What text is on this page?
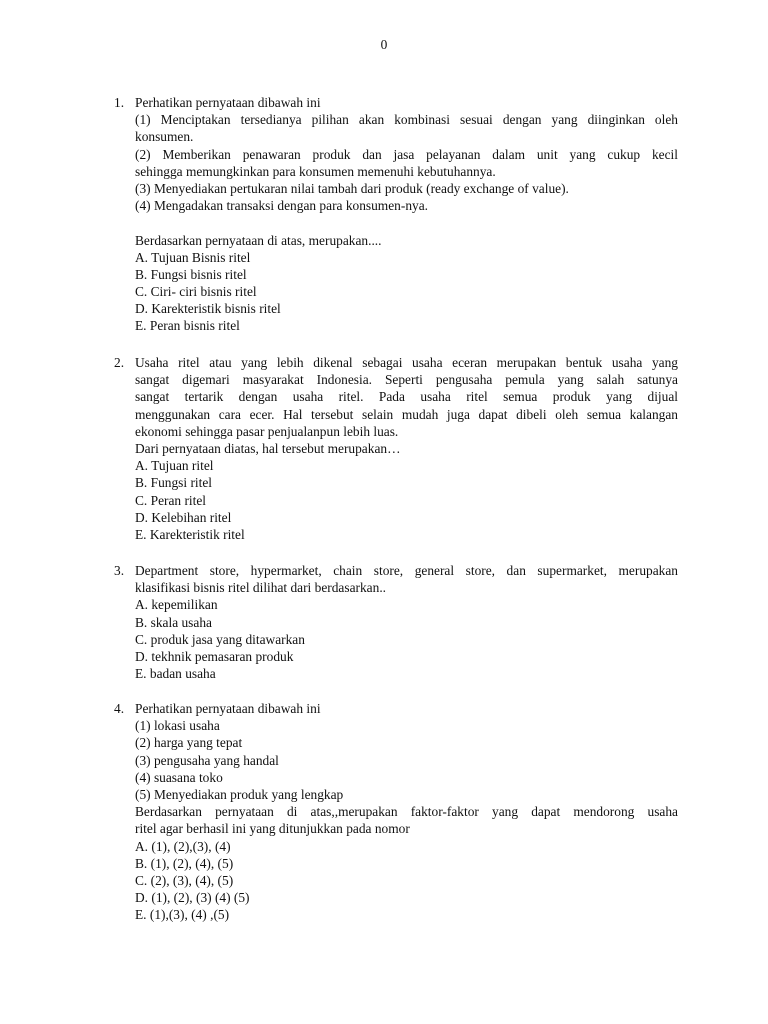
0
1. Perhatikan pernyataan dibawah ini
(1) Menciptakan tersedianya pilihan akan kombinasi sesuai dengan yang diinginkan oleh
konsumen.
(2) Memberikan penawaran produk dan jasa pelayanan dalam unit yang cukup kecil
sehingga memungkinkan para konsumen memenuhi kebutuhannya.
(3) Menyediakan pertukaran nilai tambah dari produk (ready exchange of value).
(4) Mengadakan transaksi dengan para konsumen-nya.
Berdasarkan pernyataan di atas, merupakan....
A. Tujuan Bisnis ritel
B. Fungsi bisnis ritel
C. Ciri- ciri bisnis ritel
D. Karekteristik bisnis ritel
E. Peran bisnis ritel
2. Usaha ritel atau yang lebih dikenal sebagai usaha eceran merupakan bentuk usaha yang
sangat digemari masyarakat Indonesia. Seperti pengusaha pemula yang salah satunya
sangat tertarik dengan usaha ritel. Pada usaha ritel semua produk yang dijual
menggunakan cara ecer. Hal tersebut selain mudah juga dapat dibeli oleh semua kalangan
ekonomi sehingga pasar penjualanpun lebih luas.
Dari pernyataan diatas, hal tersebut merupakan…
A. Tujuan ritel
B. Fungsi ritel
C. Peran ritel
D. Kelebihan ritel
E. Karekteristik ritel
3. Department store, hypermarket, chain store, general store, dan supermarket, merupakan
klasifikasi bisnis ritel dilihat dari berdasarkan..
A. kepemilikan
B. skala usaha
C. produk jasa yang ditawarkan
D. tekhnik pemasaran produk
E. badan usaha
4. Perhatikan pernyataan dibawah ini
(1) lokasi usaha
(2) harga yang tepat
(3) pengusaha yang handal
(4) suasana toko
(5) Menyediakan produk yang lengkap
Berdasarkan pernyataan di atas,,merupakan faktor-faktor yang dapat mendorong usaha
ritel agar berhasil ini yang ditunjukkan pada nomor
A. (1), (2),(3), (4)
B. (1), (2), (4), (5)
C. (2), (3), (4), (5)
D. (1), (2), (3) (4) (5)
E. (1),(3), (4) ,(5)
